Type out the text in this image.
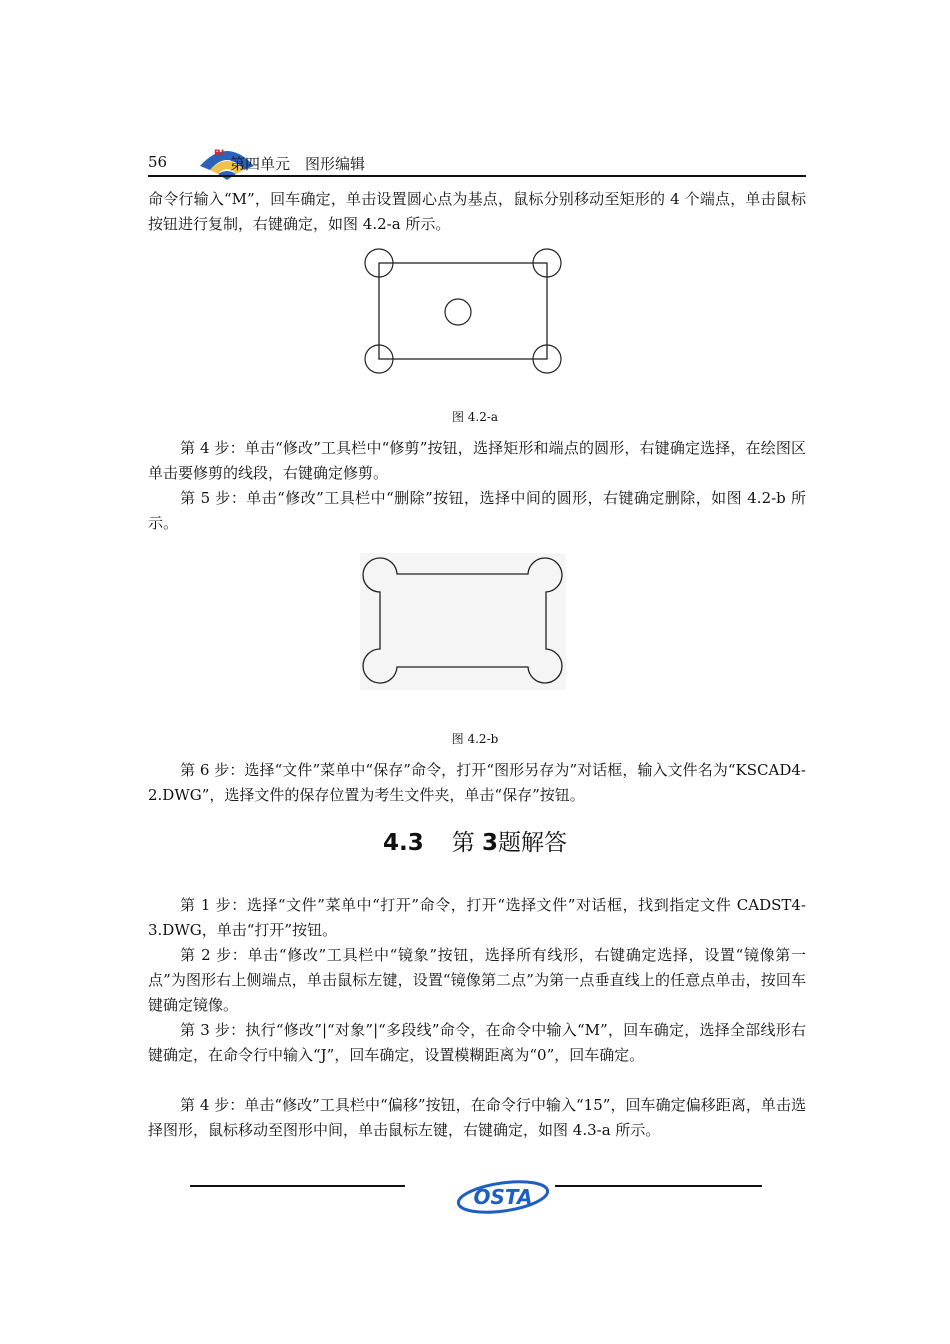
56	BI
第四单元　图形编辑

命令行输入“M”，回车确定，单击设置圆心点为基点，鼠标分别移动至矩形的 4 个端点，单击鼠标按钮进行复制，右键确定，如图 4.2-a 所示。

图 4.2-a

第 4 步：单击“修改”工具栏中“修剪”按钮，选择矩形和端点的圆形，右键确定选择，在绘图区单击要修剪的线段，右键确定修剪。

第 5 步：单击“修改”工具栏中“删除”按钮，选择中间的圆形，右键确定删除，如图 4.2-b 所示。

图 4.2-b

第 6 步：选择“文件”菜单中“保存”命令，打开“图形另存为”对话框，输入文件名为“KSCAD4-2.DWG”，选择文件的保存位置为考生文件夹，单击“保存”按钮。

4.3 第 3题解答

第 1 步：选择“文件”菜单中“打开”命令，打开“选择文件”对话框，找到指定文件 CADST4-3.DWG，单击“打开”按钮。

第 2 步：单击“修改”工具栏中“镜象”按钮，选择所有线形，右键确定选择，设置“镜像第一点”为图形右上侧端点，单击鼠标左键，设置“镜像第二点”为第一点垂直线上的任意点单击，按回车键确定镜像。

第 3 步：执行“修改”|“对象”|“多段线”命令，在命令中输入“M”，回车确定，选择全部线形右键确定，在命令行中输入“J”，回车确定，设置模糊距离为“0”，回车确定。

第 4 步：单击“修改”工具栏中“偏移”按钮，在命令行中输入“15”，回车确定偏移距离，单击选择图形，鼠标移动至图形中间，单击鼠标左键，右键确定，如图 4.3-a 所示。

OSTA
